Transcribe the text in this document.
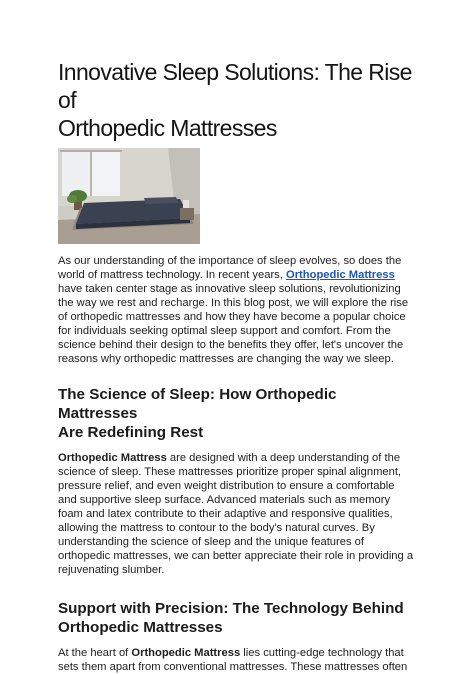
Innovative Sleep Solutions: The Rise of
Orthopedic Mattresses

As our understanding of the importance of sleep evolves, so does the world of mattress technology. In recent years, Orthopedic Mattress have taken center stage as innovative sleep solutions, revolutionizing the way we rest and recharge. In this blog post, we will explore the rise of orthopedic mattresses and how they have become a popular choice for individuals seeking optimal sleep support and comfort. From the science behind their design to the benefits they offer, let's uncover the reasons why orthopedic mattresses are changing the way we sleep.

The Science of Sleep: How Orthopedic Mattresses
Are Redefining Rest

Orthopedic Mattress are designed with a deep understanding of the science of sleep. These mattresses prioritize proper spinal alignment, pressure relief, and even weight distribution to ensure a comfortable and supportive sleep surface. Advanced materials such as memory foam and latex contribute to their adaptive and responsive qualities, allowing the mattress to contour to the body's natural curves. By understanding the science of sleep and the unique features of orthopedic mattresses, we can better appreciate their role in providing a rejuvenating slumber.

Support with Precision: The Technology Behind
Orthopedic Mattresses

At the heart of Orthopedic Mattress lies cutting-edge technology that sets them apart from conventional mattresses. These mattresses often
